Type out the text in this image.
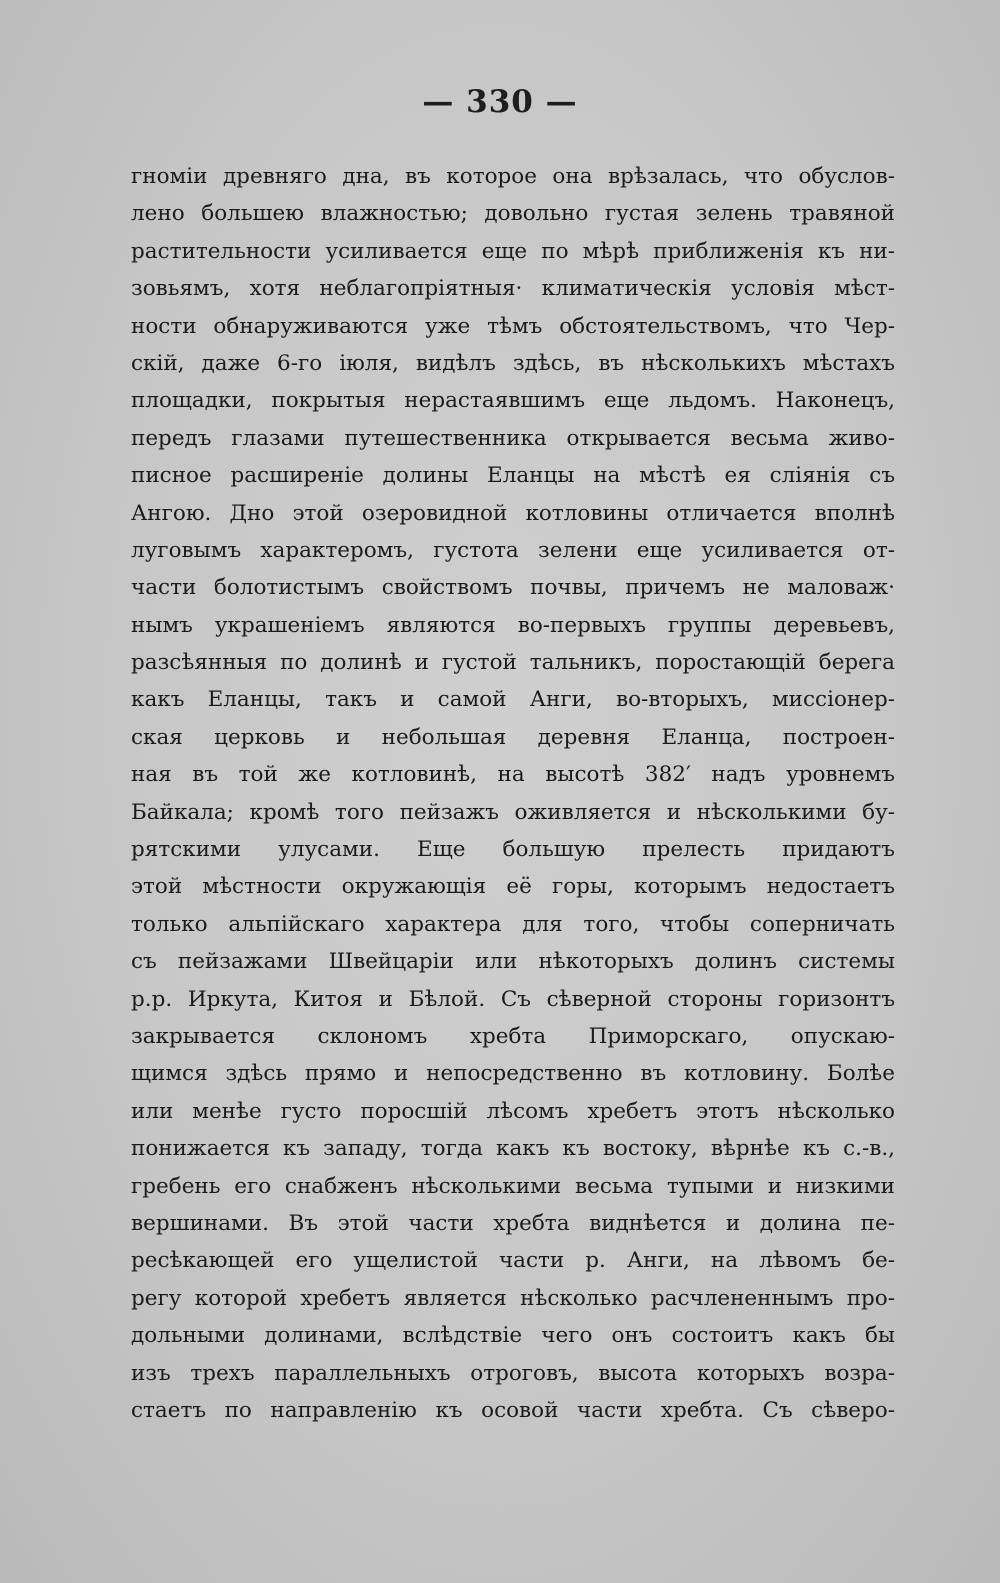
— 330 —
гноміи древняго дна, въ которое она врѣзалась, что обуслов-
лено большею влажностью; довольно густая зелень травяной
растительности усиливается еще по мѣрѣ приближенія къ ни-
зовьямъ, хотя неблагопріятныя· климатическія условія мѣст-
ности обнаруживаются уже тѣмъ обстоятельствомъ, что Чер-
скій, даже 6-го іюля, видѣлъ здѣсь, въ нѣсколькихъ мѣстахъ
площадки, покрытыя нерастаявшимъ еще льдомъ. Наконецъ,
передъ глазами путешественника открывается весьма живо-
писное расширеніе долины Еланцы на мѣстѣ ея сліянія съ
Ангою. Дно этой озеровидной котловины отличается вполнѣ
луговымъ характеромъ, густота зелени еще усиливается от-
части болотистымъ свойствомъ почвы, причемъ не маловаж·
нымъ украшеніемъ являются во-первыхъ группы деревьевъ,
разсѣянныя по долинѣ и густой тальникъ, поростающій берега
какъ Еланцы, такъ и самой Анги, во-вторыхъ, миссіонер-
ская церковь и небольшая деревня Еланца, построен-
ная въ той же котловинѣ, на высотѣ 382′ надъ уровнемъ
Байкала; кромѣ того пейзажъ оживляется и нѣсколькими бу-
рятскими улусами. Еще большую прелесть придаютъ
этой мѣстности окружающія её горы, которымъ недостаетъ
только альпійскаго характера для того, чтобы соперничать
съ пейзажами Швейцаріи или нѣкоторыхъ долинъ системы
р.р. Иркута, Китоя и Бѣлой. Съ сѣверной стороны горизонтъ
закрывается склономъ хребта Приморскаго, опускаю-
щимся здѣсь прямо и непосредственно въ котловину. Болѣе
или менѣе густо поросшій лѣсомъ хребетъ этотъ нѣсколько
понижается къ западу, тогда какъ къ востоку, вѣрнѣе къ с.-в.,
гребень его снабженъ нѣсколькими весьма тупыми и низкими
вершинами. Въ этой части хребта виднѣется и долина пе-
ресѣкающей его ущелистой части р. Анги, на лѣвомъ бе-
регу которой хребетъ является нѣсколько расчлененнымъ про-
дольными долинами, вслѣдствіе чего онъ состоитъ какъ бы
изъ трехъ параллельныхъ отроговъ, высота которыхъ возра-
стаетъ по направленію къ осовой части хребта. Съ сѣверо-
